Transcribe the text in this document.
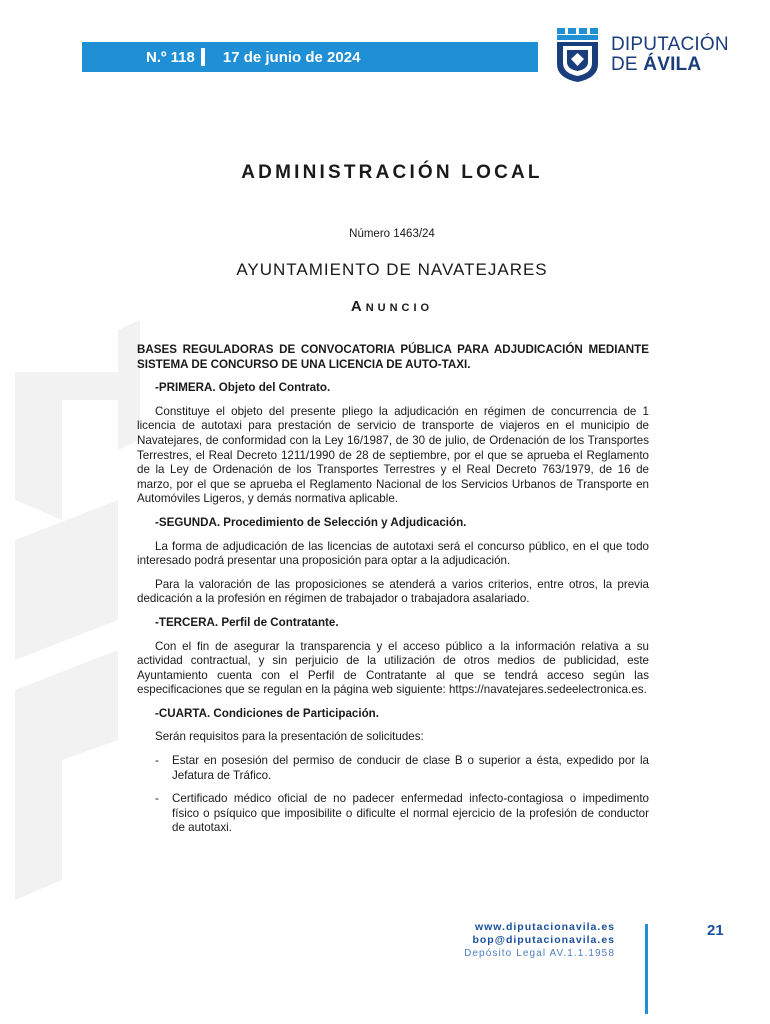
N.º 118 17 de junio de 2024
DIPUTACIÓN
DE ÁVILA
ADMINISTRACIÓN LOCAL
Número 1463/24
AYUNTAMIENTO DE NAVATEJARES
Anuncio

BASES REGULADORAS DE CONVOCATORIA PÚBLICA PARA ADJUDICACIÓN MEDIANTE SISTEMA DE CONCURSO DE UNA LICENCIA DE AUTO-TAXI.

-PRIMERA. Objeto del Contrato.

Constituye el objeto del presente pliego la adjudicación en régimen de concurrencia de 1 licencia de autotaxi para prestación de servicio de transporte de viajeros en el municipio de Navatejares, de conformidad con la Ley 16/1987, de 30 de julio, de Ordenación de los Transportes Terrestres, el Real Decreto 1211/1990 de 28 de septiembre, por el que se aprueba el Reglamento de la Ley de Ordenación de los Transportes Terrestres y el Real Decreto 763/1979, de 16 de marzo, por el que se aprueba el Reglamento Nacional de los Servicios Urbanos de Transporte en Automóviles Ligeros, y demás normativa aplicable.

-SEGUNDA. Procedimiento de Selección y Adjudicación.

La forma de adjudicación de las licencias de autotaxi será el concurso público, en el que todo interesado podrá presentar una proposición para optar a la adjudicación.

Para la valoración de las proposiciones se atenderá a varios criterios, entre otros, la previa dedicación a la profesión en régimen de trabajador o trabajadora asalariado.

-TERCERA. Perfil de Contratante.

Con el fin de asegurar la transparencia y el acceso público a la información relativa a su actividad contractual, y sin perjuicio de la utilización de otros medios de publicidad, este Ayuntamiento cuenta con el Perfil de Contratante al que se tendrá acceso según las especificaciones que se regulan en la página web siguiente: https://navatejares.sedeelectronica.es.

-CUARTA. Condiciones de Participación.

Serán requisitos para la presentación de solicitudes:

- Estar en posesión del permiso de conducir de clase B o superior a ésta, expedido por la Jefatura de Tráfico.
- Certificado médico oficial de no padecer enfermedad infecto-contagiosa o impedimento físico o psíquico que imposibilite o dificulte el normal ejercicio de la profesión de conductor de autotaxi.
www.diputacionavila.es
bop@diputacionavila.es
Depósito Legal AV.1.1.1958
21
